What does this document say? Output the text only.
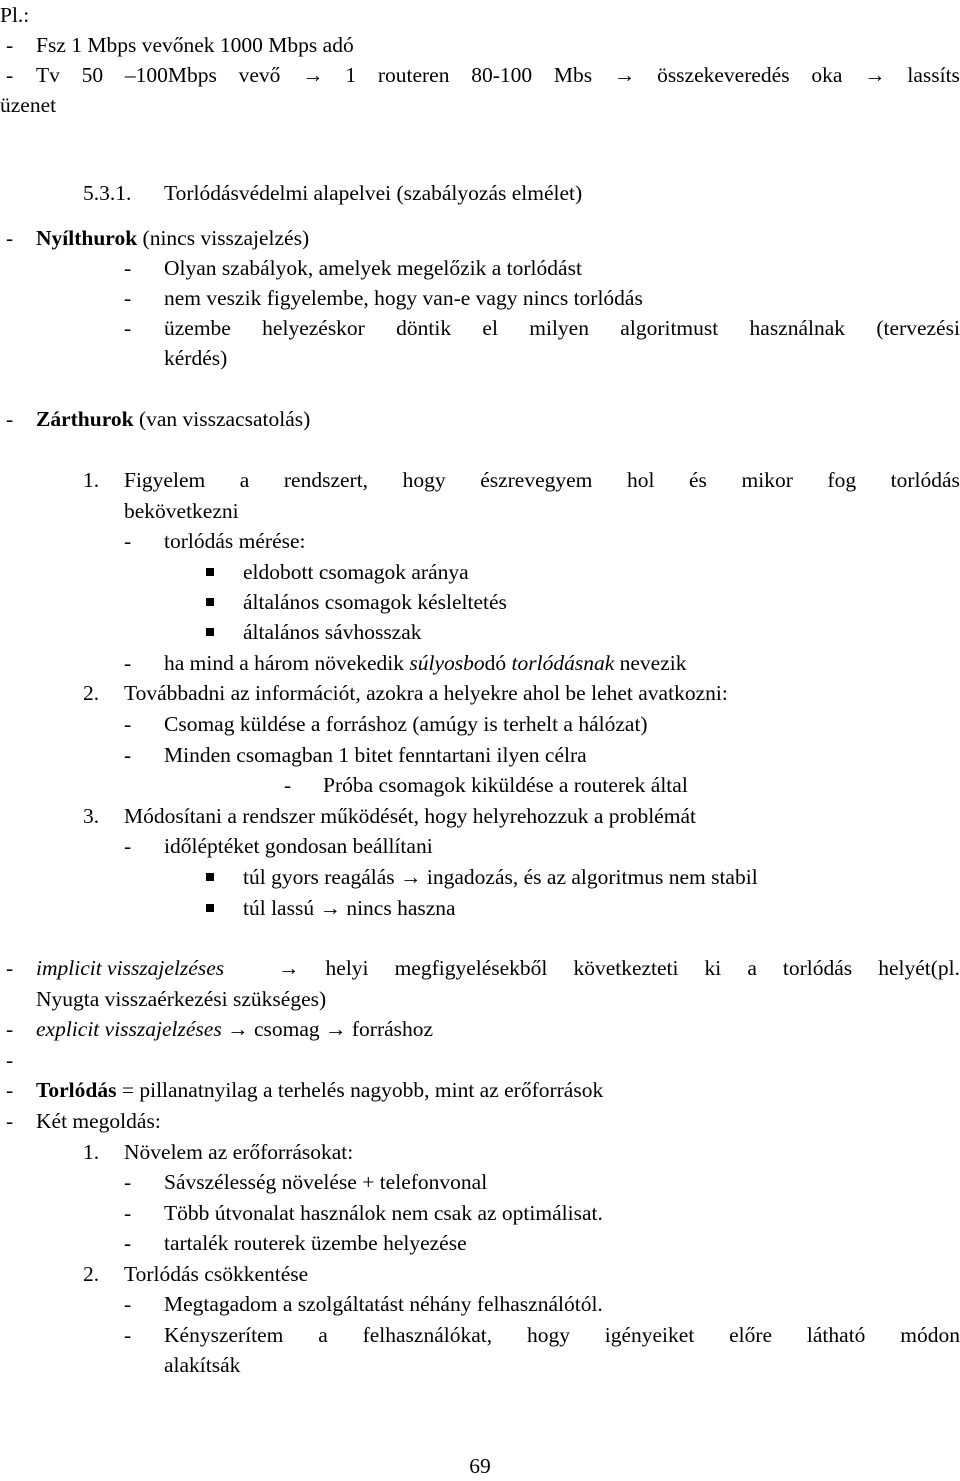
Pl.:
- Fsz 1 Mbps vevőnek 1000 Mbps adó
- Tv 50 –100Mbps vevő → 1 routeren 80-100 Mbs → összekeveredés oka → lassíts
üzenet
5.3.1. Torlódásvédelmi alapelvei (szabályozás elmélet)
- Nyílthurok (nincs visszajelzés)
- Olyan szabályok, amelyek megelőzik a torlódást
- nem veszik figyelembe, hogy van-e vagy nincs torlódás
- üzembe helyezéskor döntik el milyen algoritmust használnak (tervezési
kérdés)
- Zárthurok (van visszacsatolás)
1. Figyelem a rendszert, hogy észrevegyem hol és mikor fog torlódás
bekövetkezni
- torlódás mérése:
eldobott csomagok aránya
általános csomagok késleltetés
általános sávhosszak
- ha mind a három növekedik súlyosbodó torlódásnak nevezik
2. Továbbadni az információt, azokra a helyekre ahol be lehet avatkozni:
- Csomag küldése a forráshoz (amúgy is terhelt a hálózat)
- Minden csomagban 1 bitet fenntartani ilyen célra
- Próba csomagok kiküldése a routerek által
3. Módosítani a rendszer működését, hogy helyrehozzuk a problémát
- időléptéket gondosan beállítani
túl gyors reagálás → ingadozás, és az algoritmus nem stabil
túl lassú → nincs haszna
- implicit visszajelzéses	→ helyi megfigyelésekből következteti ki a torlódás helyét(pl.
Nyugta visszaérkezési szükséges)
- explicit visszajelzéses → csomag → forráshoz
-
- Torlódás = pillanatnyilag a terhelés nagyobb, mint az erőforrások
- Két megoldás:
1. Növelem az erőforrásokat:
- Sávszélesség növelése + telefonvonal
- Több útvonalat használok nem csak az optimálisat.
- tartalék routerek üzembe helyezése
2. Torlódás csökkentése
- Megtagadom a szolgáltatást néhány felhasználótól.
- Kényszerítem a felhasználókat, hogy igényeiket előre látható módon
alakítsák
69
